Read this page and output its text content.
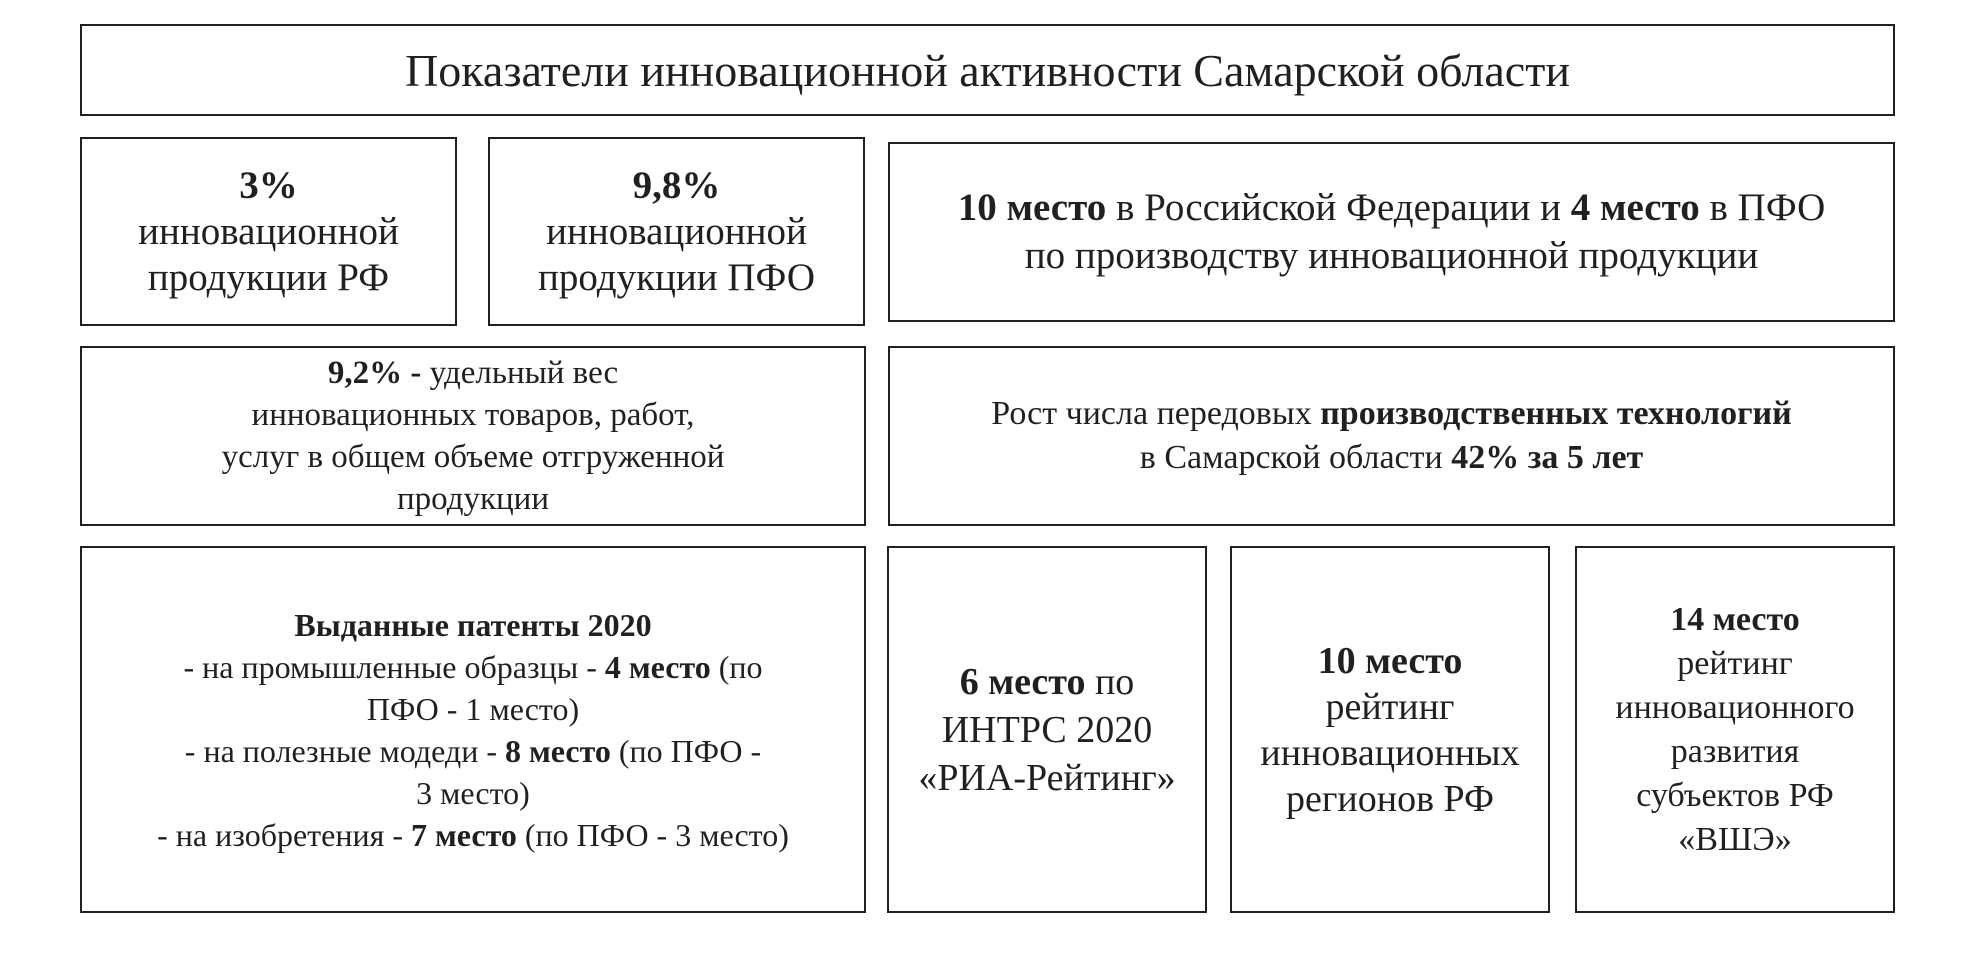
Показатели инновационной активности Самарской области

3%

инновационной

продукции РФ

9,8%

инновационной

продукции ПФО

10 место в Российской Федерации и 4 место в ПФО

по производству инновационной продукции

9,2% - удельный вес

инновационных товаров, работ,

услуг в общем объеме отгруженной

продукции

Рост числа передовых производственных технологий

в Самарской области 42% за 5 лет

Выданные патенты 2020

- на промышленные образцы - 4 место (по

ПФО - 1 место)

- на полезные модеди - 8 место (по ПФО -

3 место)

- на изобретения - 7 место (по ПФО - 3 место)

6 место по

ИНТРС 2020

«РИА-Рейтинг»

10 место

рейтинг

инновационных

регионов РФ

14 место

рейтинг

инновационного

развития

субъектов РФ

«ВШЭ»
